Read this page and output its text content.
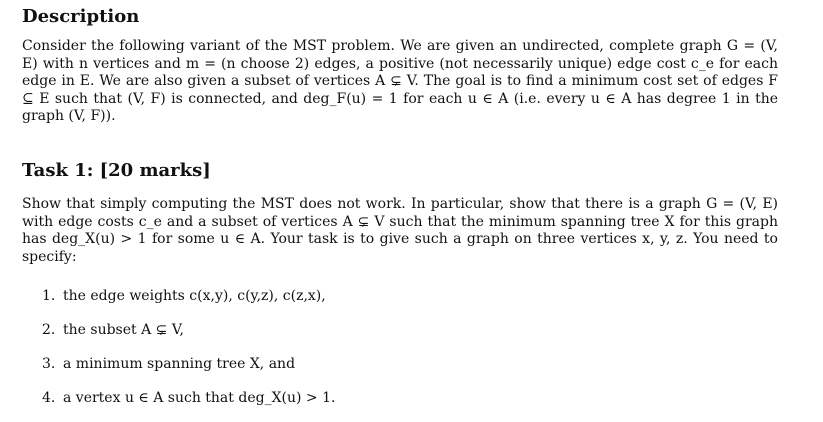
Description

Consider the following variant of the MST problem. We are given an undirected, complete graph G = (V, E) with n vertices and m = (n choose 2) edges, a positive (not necessarily unique) edge cost c_e for each edge in E. We are also given a subset of vertices A ⊊ V. The goal is to find a minimum cost set of edges F ⊆ E such that (V, F) is connected, and deg_F(u) = 1 for each u ∈ A (i.e. every u ∈ A has degree 1 in the graph (V, F)).

Task 1: [20 marks]

Show that simply computing the MST does not work. In particular, show that there is a graph G = (V, E) with edge costs c_e and a subset of vertices A ⊊ V such that the minimum spanning tree X for this graph has deg_X(u) > 1 for some u ∈ A. Your task is to give such a graph on three vertices x, y, z. You need to specify:

1. the edge weights c(x,y), c(y,z), c(z,x),
2. the subset A ⊊ V,
3. a minimum spanning tree X, and
4. a vertex u ∈ A such that deg_X(u) > 1.
